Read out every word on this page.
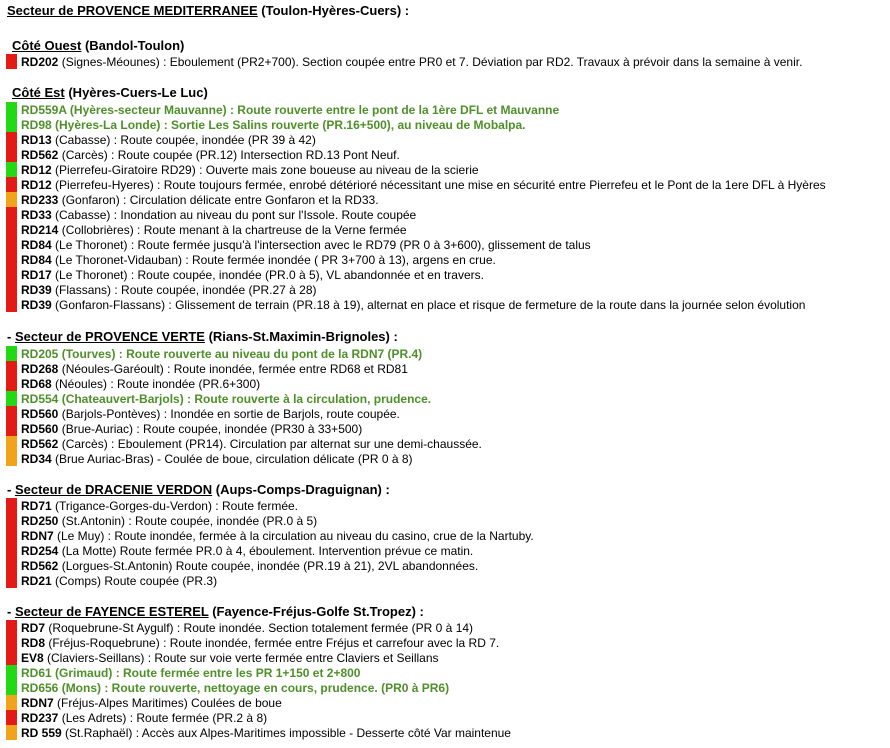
Secteur de PROVENCE MEDITERRANEE (Toulon-Hyères-Cuers) :
Côté Ouest (Bandol-Toulon)
RD202 (Signes-Méounes) : Eboulement (PR2+700). Section coupée entre PR0 et 7. Déviation par RD2. Travaux à prévoir dans la semaine à venir.
Côté Est (Hyères-Cuers-Le Luc)
RD559A (Hyères-secteur Mauvanne) : Route rouverte entre le pont de la 1ère DFL et Mauvanne
RD98 (Hyères-La Londe) : Sortie Les Salins rouverte (PR.16+500), au niveau de Mobalpa.
RD13 (Cabasse) : Route coupée, inondée (PR 39 à 42)
RD562 (Carcès) : Route coupée (PR.12) Intersection RD.13 Pont Neuf.
RD12 (Pierrefeu-Giratoire RD29) : Ouverte mais zone boueuse au niveau de la scierie
RD12 (Pierrefeu-Hyeres) : Route toujours fermée, enrobé détérioré nécessitant une mise en sécurité entre Pierrefeu et le Pont de la 1ere DFL à Hyères
RD233 (Gonfaron) : Circulation délicate entre Gonfaron et la RD33.
RD33 (Cabasse) : Inondation au niveau du pont sur l'Issole. Route coupée
RD214 (Collobrières) : Route menant à la chartreuse de la Verne fermée
RD84 (Le Thoronet) : Route fermée jusqu'à l'intersection avec le RD79 (PR 0 à 3+600), glissement de talus
RD84 (Le Thoronet-Vidauban) : Route fermée inondée ( PR 3+700 à 13), argens en crue.
RD17 (Le Thoronet) : Route coupée, inondée (PR.0 à 5), VL abandonnée et en travers.
RD39 (Flassans) : Route coupée, inondée (PR.27 à 28)
RD39 (Gonfaron-Flassans) : Glissement de terrain (PR.18 à 19), alternat en place et risque de fermeture de la route dans la journée selon évolution
- Secteur de PROVENCE VERTE (Rians-St.Maximin-Brignoles) :
RD205 (Tourves) : Route rouverte au niveau du pont de la RDN7 (PR.4)
RD268 (Néoules-Garéoult) : Route inondée, fermée entre RD68 et RD81
RD68 (Néoules) : Route inondée (PR.6+300)
RD554 (Chateauvert-Barjols) : Route rouverte à la circulation, prudence.
RD560 (Barjols-Pontèves) : Inondée en sortie de Barjols, route coupée.
RD560 (Brue-Auriac) : Route coupée, inondée (PR30 à 33+500)
RD562 (Carcès) : Eboulement (PR14). Circulation par alternat sur une demi-chaussée.
RD34 (Brue Auriac-Bras) - Coulée de boue, circulation délicate (PR 0 à 8)
- Secteur de DRACENIE VERDON (Aups-Comps-Draguignan) :
RD71 (Trigance-Gorges-du-Verdon) : Route fermée.
RD250 (St.Antonin) : Route coupée, inondée (PR.0 à 5)
RDN7 (Le Muy) : Route inondée, fermée à la circulation au niveau du casino, crue de la Nartuby.
RD254 (La Motte) Route fermée PR.0 à 4, éboulement. Intervention prévue ce matin.
RD562 (Lorgues-St.Antonin) Route coupée, inondée (PR.19 à 21), 2VL abandonnées.
RD21 (Comps) Route coupée (PR.3)
- Secteur de FAYENCE ESTEREL (Fayence-Fréjus-Golfe St.Tropez) :
RD7 (Roquebrune-St Aygulf) : Route inondée. Section totalement fermée (PR 0 à 14)
RD8 (Fréjus-Roquebrune) : Route inondée, fermée entre Fréjus et carrefour avec la RD 7.
EV8 (Claviers-Seillans) : Route sur voie verte fermée entre Claviers et Seillans
RD61 (Grimaud) : Route fermée entre les PR 1+150 et 2+800
RD656 (Mons) : Route rouverte, nettoyage en cours, prudence. (PR0 à PR6)
RDN7 (Fréjus-Alpes Maritimes) Coulées de boue
RD237 (Les Adrets) : Route fermée (PR.2 à 8)
RD 559 (St.Raphaël) : Accès aux Alpes-Maritimes impossible - Desserte côté Var maintenue
